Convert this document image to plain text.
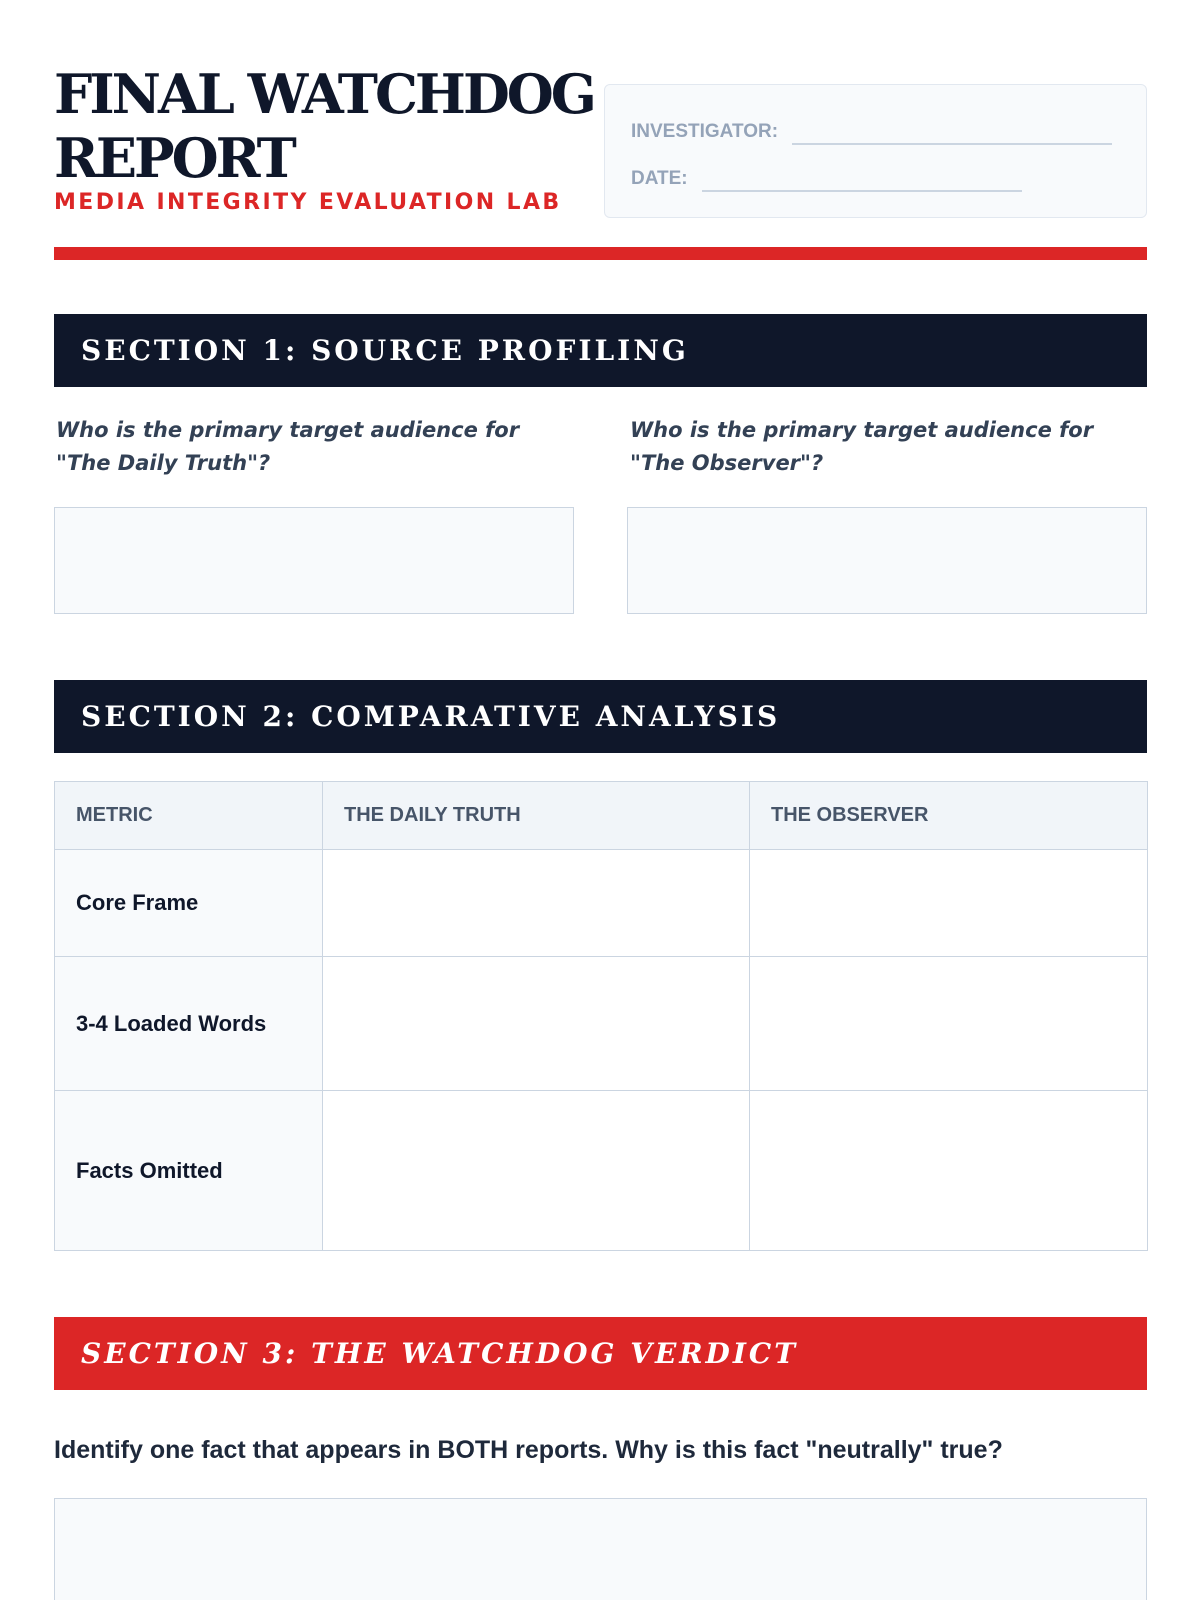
FINAL WATCHDOG REPORT
MEDIA INTEGRITY EVALUATION LAB
INVESTIGATOR:
DATE:
SECTION 1: SOURCE PROFILING
Who is the primary target audience for "The Daily Truth"?
Who is the primary target audience for "The Observer"?
SECTION 2: COMPARATIVE ANALYSIS
METRIC	THE DAILY TRUTH	THE OBSERVER
Core Frame		
3-4 Loaded Words		
Facts Omitted		
SECTION 3: THE WATCHDOG VERDICT
Identify one fact that appears in BOTH reports. Why is this fact "neutrally" true?
